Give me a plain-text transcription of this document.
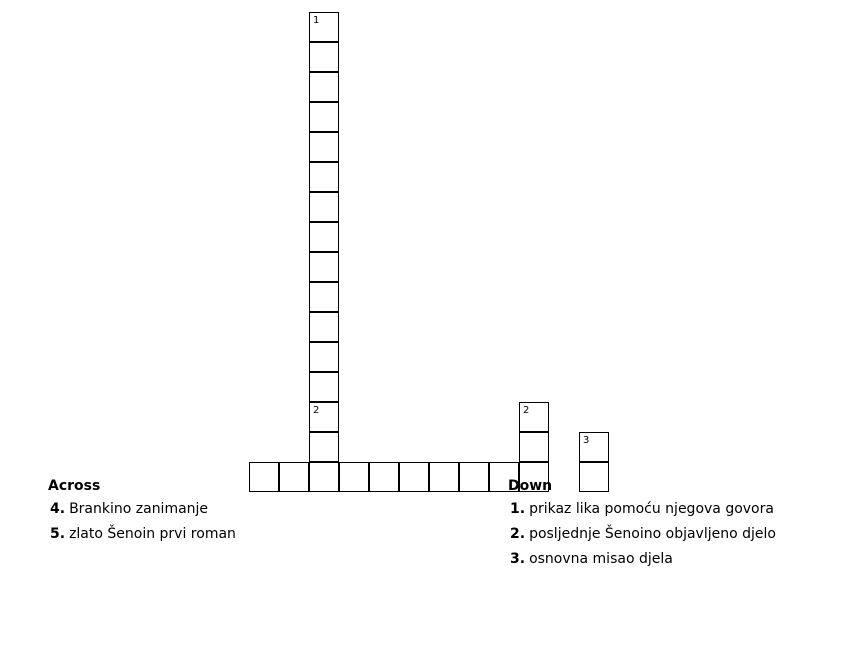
1
2	2
3
Across
4. Brankino zanimanje
5. zlato Šenoin prvi roman
Down
1. prikaz lika pomoću njegova govora
2. posljednje Šenoino objavljeno djelo
3. osnovna misao djela
